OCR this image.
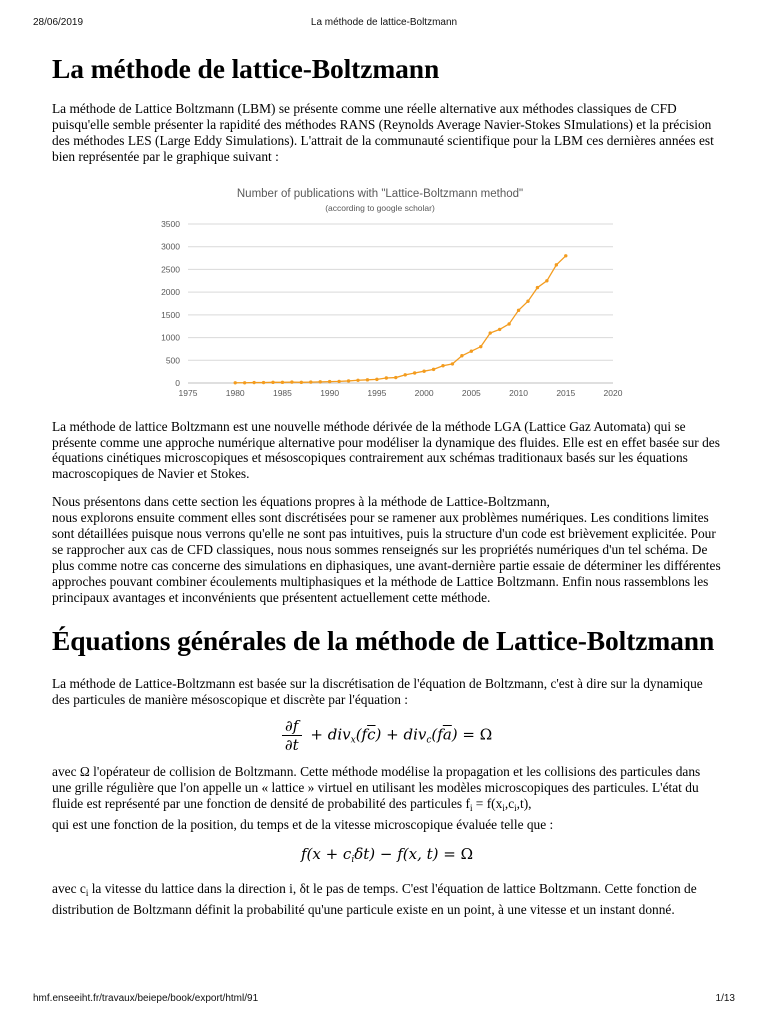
28/06/2019	La méthode de lattice-Boltzmann
La méthode de lattice-Boltzmann

La méthode de Lattice Boltzmann (LBM) se présente comme une réelle alternative aux méthodes classiques de CFD puisqu'elle semble présenter la rapidité des méthodes RANS (Reynolds Average Navier-Stokes SImulations) et la précision des méthodes LES (Large Eddy Simulations). L'attrait de la communauté scientifique pour la LBM ces dernières années est bien représentée par le graphique suivant :

Number of publications with "Lattice-Boltzmann method"
(according to google scholar)
0
500
1000
1500
2000
2500
3000
3500
1975	1980	1985	1990	1995	2000	2005	2010	2015	2020

La méthode de lattice Boltzmann est une nouvelle méthode dérivée de la méthode LGA (Lattice Gaz Automata) qui se présente comme une approche numérique alternative pour modéliser la dynamique des fluides. Elle est en effet basée sur des équations cinétiques microscopiques et mésoscopiques contrairement aux schémas traditionaux basés sur les équations macroscopiques de Navier et Stokes.

Nous présentons dans cette section les équations propres à la méthode de Lattice-Boltzmann,

nous explorons ensuite comment elles sont discrétisées pour se ramener aux problèmes numériques. Les conditions limites sont détaillées puisque nous verrons qu'elle ne sont pas intuitives, puis la structure d'un code est brièvement explicitée. Pour se rapprocher aux cas de CFD classiques, nous nous sommes renseignés sur les propriétés numériques d'un tel schéma. De plus comme notre cas concerne des simulations en diphasiques, une avant-dernière partie essaie de déterminer les différentes approches pouvant combiner écoulements multiphasiques et la méthode de Lattice Boltzmann. Enfin nous rassemblons les principaux avantages et inconvénients que présentent actuellement cette méthode.

Équations générales de la méthode de Lattice-Boltzmann

La méthode de Lattice-Boltzmann est basée sur la discrétisation de l'équation de Boltzmann, c'est à dire sur la dynamique des particules de manière mésoscopique et discrète par l'équation :

$\frac{\partial f}{\partial t} + div_x(f\overline{c}) + div_c(f\overline{a}) = \Omega$

avec Ω l'opérateur de collision de Boltzmann. Cette méthode modélise la propagation et les collisions des particules dans une grille régulière que l'on appelle un « lattice » virtuel en utilisant les modèles microscopiques des particules. L'état du fluide est représenté par une fonction de densité de probabilité des particules $f_i = f(x_i,c_i,t)$,
qui est une fonction de la position, du temps et de la vitesse microscopique évaluée telle que :

$f(x + c_i\delta t) - f(x$, t) = Ω

avec $c_i$ la vitesse du lattice dans la direction i, δt le pas de temps. C'est l'équation de lattice Boltzmann. Cette fonction de distribution de Boltzmann définit la probabilité qu'une particule existe en un point, à une vitesse et un instant donné.

hmf.enseeiht.fr/travaux/beiepe/book/export/html/91	1/13
